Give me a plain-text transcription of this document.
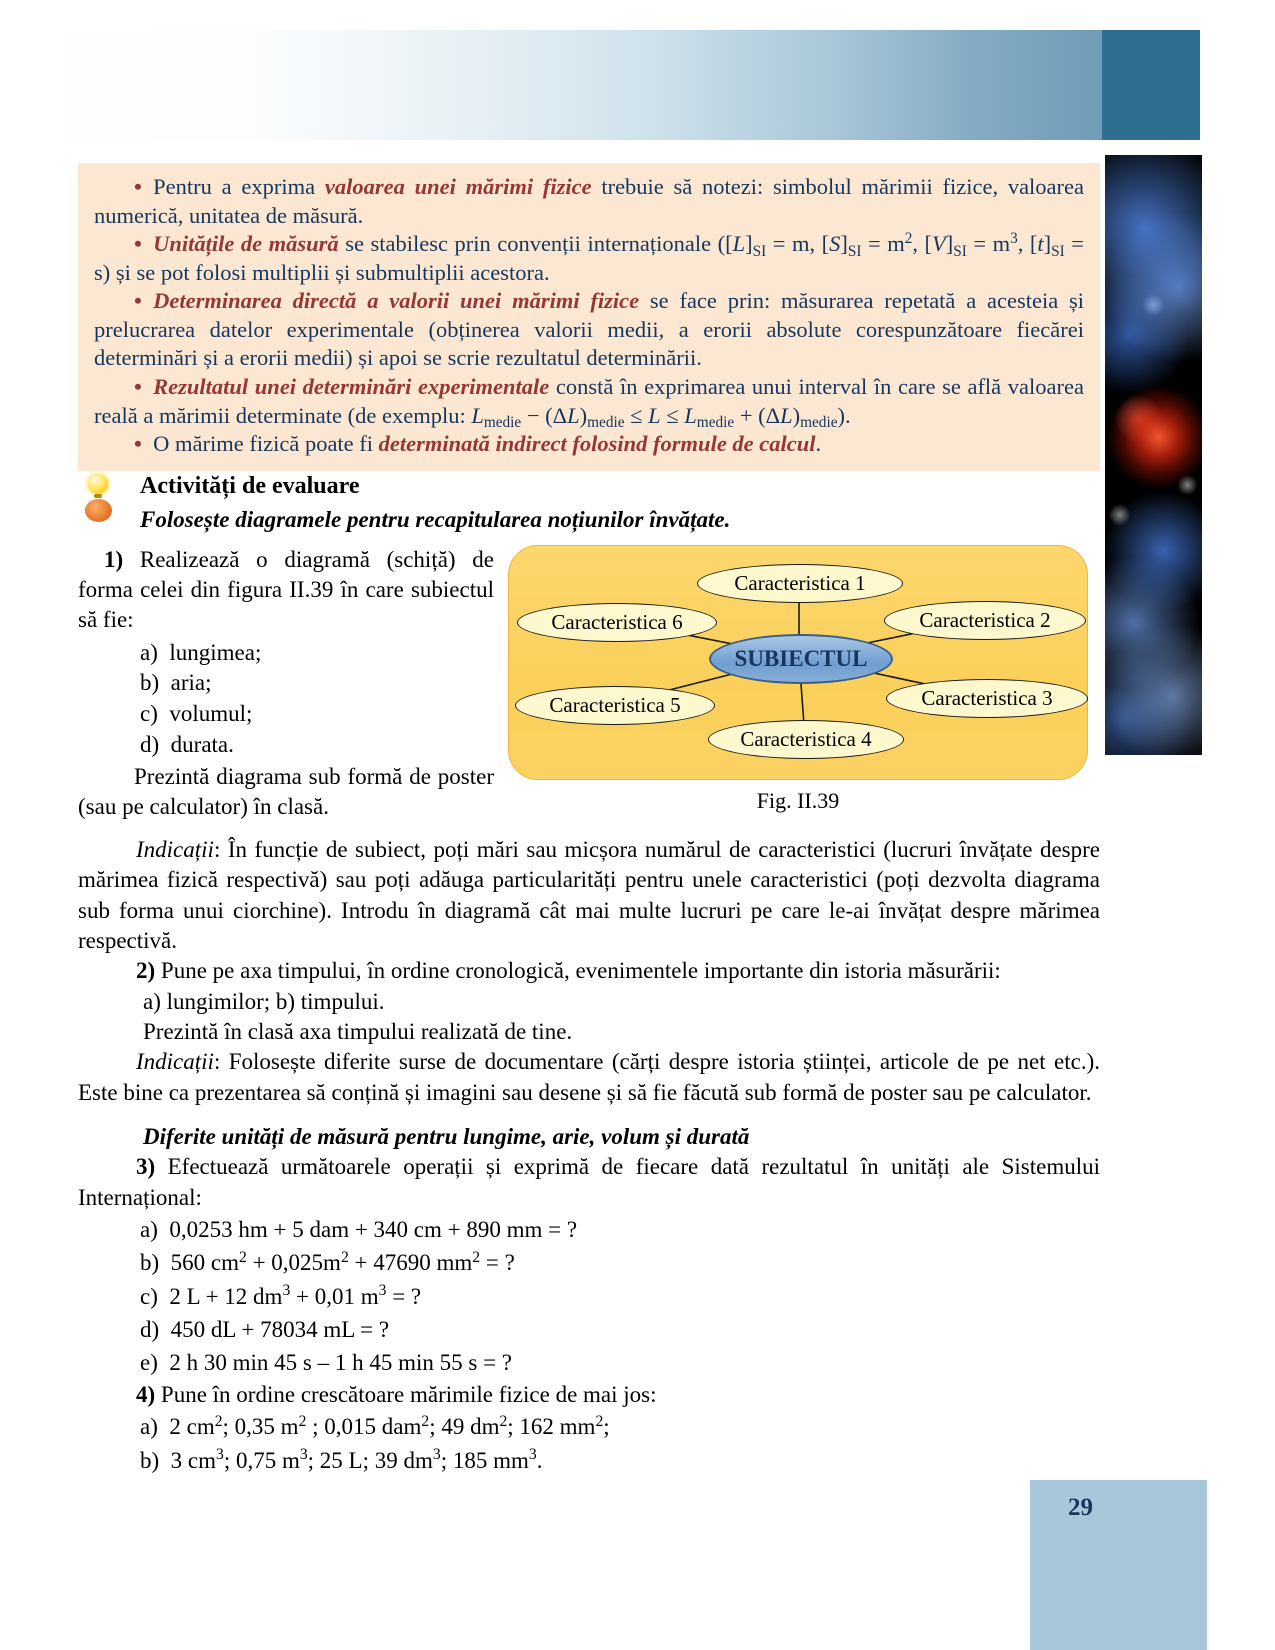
• Pentru a exprima valoarea unei mărimi fizice trebuie să notezi: simbolul mărimii fizice, valoarea numerică, unitatea de măsură.

• Unitățile de măsură se stabilesc prin convenții internaționale ($[L]_{SI} = m$, $[S]_{SI} = m^2$, $[V]_{SI} = m^3$, $[t]_{SI} = s$) și se pot folosi multiplii și submultiplii acestora.

• Determinarea directă a valorii unei mărimi fizice se face prin: măsurarea repetată a acesteia și prelucrarea datelor experimentale (obținerea valorii medii, a erorii absolute corespunzătoare fiecărei determinări și a erorii medii) și apoi se scrie rezultatul determinării.

• Rezultatul unei determinări experimentale constă în exprimarea unui interval în care se află valoarea reală a mărimii determinate (de exemplu: $L_{medie} - (\Delta L)_{medie} \le L \le L_{medie} + (\Delta L)_{medie}$).

• O mărime fizică poate fi determinată indirect folosind formule de calcul.

Activități de evaluare

Folosește diagramele pentru recapitularea noțiunilor învățate.

1) Realizează o diagramă (schiță) de forma celei din figura II.39 în care subiectul să fie:

a) lungimea;
b) aria;
c) volumul;
d) durata.

Prezintă diagrama sub formă de poster (sau pe calculator) în clasă.

Caracteristica 1
Caracteristica 2
Caracteristica 3
Caracteristica 4
Caracteristica 5
Caracteristica 6
SUBIECTUL
Fig. II.39

Indicații: În funcție de subiect, poți mări sau micșora numărul de caracteristici (lucruri învățate despre mărimea fizică respectivă) sau poți adăuga particularități pentru unele caracteristici (poți dezvolta diagrama sub forma unui ciorchine). Introdu în diagramă cât mai multe lucruri pe care le-ai învățat despre mărimea respectivă.

2) Pune pe axa timpului, în ordine cronologică, evenimentele importante din istoria măsurării:

a) lungimilor; b) timpului.

Prezintă în clasă axa timpului realizată de tine.

Indicații: Folosește diferite surse de documentare (cărți despre istoria științei, articole de pe net etc.). Este bine ca prezentarea să conțină și imagini sau desene și să fie făcută sub formă de poster sau pe calculator.

Diferite unități de măsură pentru lungime, arie, volum și durată

3) Efectuează următoarele operații și exprimă de fiecare dată rezultatul în unități ale Sistemului Internațional:

a) 0,0253 hm + 5 dam + 340 cm + 890 mm = ?

b) 560 $cm^2 + 0,025m^2 + 47690$ $mm^2$ = ?

c) 2 L + 12 $dm^3 + 0,01$ $m^3$ = ?

d) 450 dL + 78034 mL = ?

e) 2 h 30 min 45 s – 1 h 45 min 55 s = ?

4) Pune în ordine crescătoare mărimile fizice de mai jos:

a) 2 $cm^2$; 0,35 $m^2$ ; 0,015 dam$^2$; 49 $dm^2$; 162 $mm^2$;

b) 3 $cm^3$; 0,75 $m^3$; 25 L; 39 $dm^3$; 185 $mm^3$.

29
